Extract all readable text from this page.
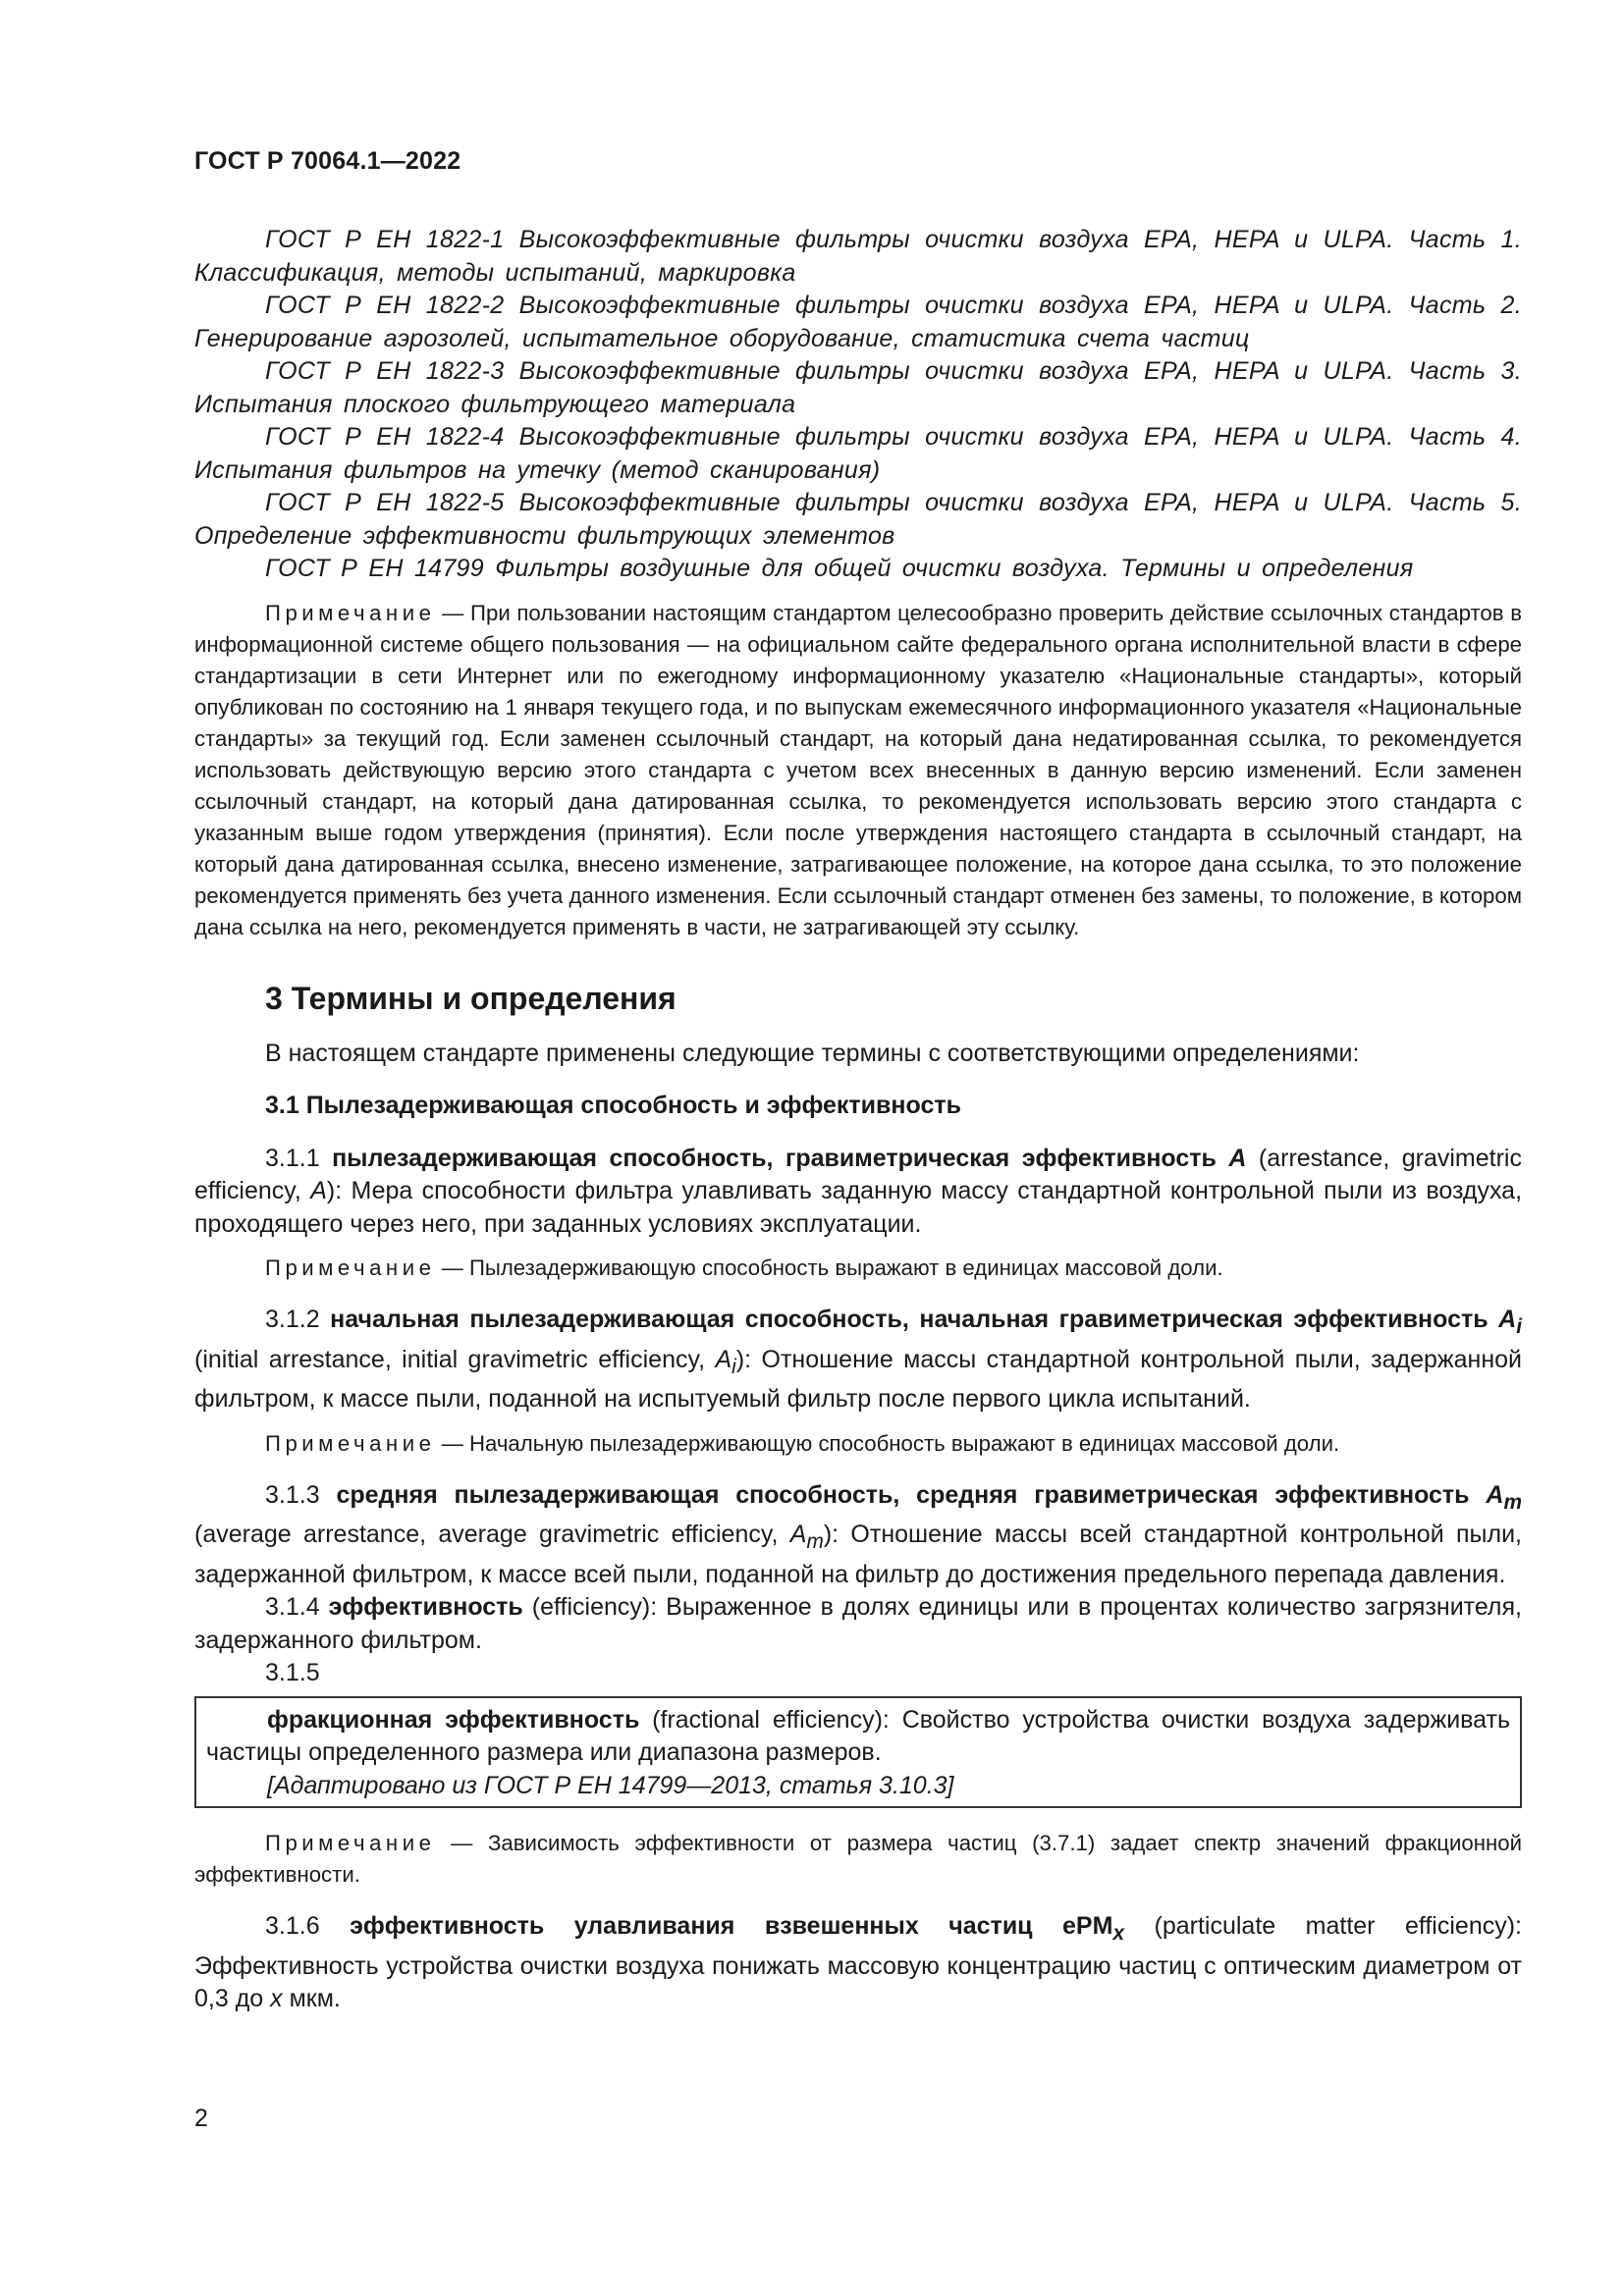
ГОСТ Р 70064.1—2022

ГОСТ Р ЕН 1822-1 Высокоэффективные фильтры очистки воздуха EPA, HEPA и ULPA. Часть 1. Классификация, методы испытаний, маркировка

ГОСТ Р ЕН 1822-2 Высокоэффективные фильтры очистки воздуха EPA, HEPA и ULPA. Часть 2. Генерирование аэрозолей, испытательное оборудование, статистика счета частиц

ГОСТ Р ЕН 1822-3 Высокоэффективные фильтры очистки воздуха EPA, HEPA и ULPA. Часть 3. Испытания плоского фильтрующего материала

ГОСТ Р ЕН 1822-4 Высокоэффективные фильтры очистки воздуха EPA, HEPA и ULPA. Часть 4. Испытания фильтров на утечку (метод сканирования)

ГОСТ Р ЕН 1822-5 Высокоэффективные фильтры очистки воздуха EPA, HEPA и ULPA. Часть 5. Определение эффективности фильтрующих элементов

ГОСТ Р ЕН 14799 Фильтры воздушные для общей очистки воздуха. Термины и определения

Примечание — При пользовании настоящим стандартом целесообразно проверить действие ссылочных стандартов в информационной системе общего пользования — на официальном сайте федерального органа исполнительной власти в сфере стандартизации в сети Интернет или по ежегодному информационному указателю «Национальные стандарты», который опубликован по состоянию на 1 января текущего года, и по выпускам ежемесячного информационного указателя «Национальные стандарты» за текущий год. Если заменен ссылочный стандарт, на который дана недатированная ссылка, то рекомендуется использовать действующую версию этого стандарта с учетом всех внесенных в данную версию изменений. Если заменен ссылочный стандарт, на который дана датированная ссылка, то рекомендуется использовать версию этого стандарта с указанным выше годом утверждения (принятия). Если после утверждения настоящего стандарта в ссылочный стандарт, на который дана датированная ссылка, внесено изменение, затрагивающее положение, на которое дана ссылка, то это положение рекомендуется применять без учета данного изменения. Если ссылочный стандарт отменен без замены, то положение, в котором дана ссылка на него, рекомендуется применять в части, не затрагивающей эту ссылку.

3 Термины и определения

В настоящем стандарте применены следующие термины с соответствующими определениями:

3.1 Пылезадерживающая способность и эффективность

3.1.1 пылезадерживающая способность, гравиметрическая эффективность A (arrestance, gravimetric efficiency, A): Мера способности фильтра улавливать заданную массу стандартной контрольной пыли из воздуха, проходящего через него, при заданных условиях эксплуатации.

Примечание — Пылезадерживающую способность выражают в единицах массовой доли.

3.1.2 начальная пылезадерживающая способность, начальная гравиметрическая эффективность $A_i$ (initial arrestance, initial gravimetric efficiency, $A_i$): Отношение массы стандартной контрольной пыли, задержанной фильтром, к массе пыли, поданной на испытуемый фильтр после первого цикла испытаний.

Примечание — Начальную пылезадерживающую способность выражают в единицах массовой доли.

3.1.3 средняя пылезадерживающая способность, средняя гравиметрическая эффективность $A_m$ (average arrestance, average gravimetric efficiency, $A_m$): Отношение массы всей стандартной контрольной пыли, задержанной фильтром, к массе всей пыли, поданной на фильтр до достижения предельного перепада давления.

3.1.4 эффективность (efficiency): Выраженное в долях единицы или в процентах количество загрязнителя, задержанного фильтром.

3.1.5

фракционная эффективность (fractional efficiency): Свойство устройства очистки воздуха задерживать частицы определенного размера или диапазона размеров.

[Адаптировано из ГОСТ Р ЕН 14799—2013, статья 3.10.3]

Примечание — Зависимость эффективности от размера частиц (3.7.1) задает спектр значений фракционной эффективности.

3.1.6 эффективность улавливания взвешенных частиц ePM$_x$ (particulate matter efficiency): Эффективность устройства очистки воздуха понижать массовую концентрацию частиц с оптическим диаметром от 0,3 до x мкм.

2
